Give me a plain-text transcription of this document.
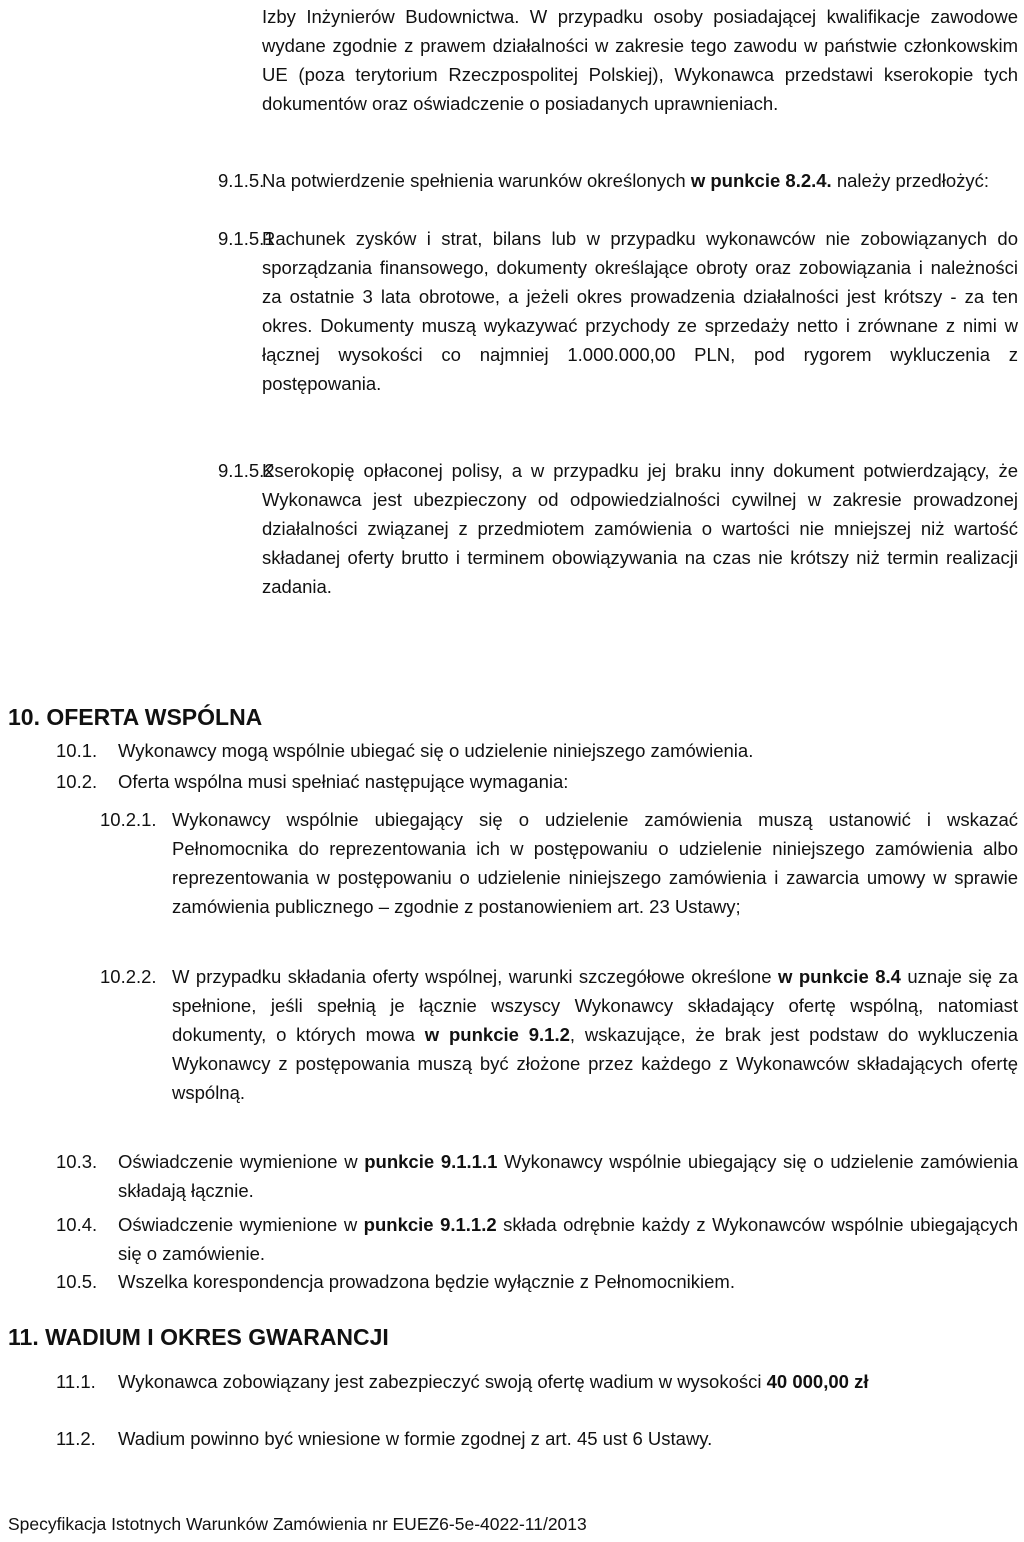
Izby Inżynierów Budownictwa. W przypadku osoby posiadającej kwalifikacje zawodowe wydane zgodnie z prawem działalności w zakresie tego zawodu w państwie członkowskim UE (poza terytorium Rzeczpospolitej Polskiej), Wykonawca przedstawi kserokopie tych dokumentów oraz oświadczenie o posiadanych uprawnieniach.
9.1.5.
Na potwierdzenie spełnienia warunków określonych w punkcie 8.2.4. należy przedłożyć:
9.1.5.1
Rachunek zysków i strat, bilans lub w przypadku wykonawców nie zobowiązanych do sporządzania finansowego, dokumenty określające obroty oraz zobowiązania i należności za ostatnie 3 lata obrotowe, a jeżeli okres prowadzenia działalności jest krótszy - za ten okres. Dokumenty muszą wykazywać przychody ze sprzedaży netto i zrównane z nimi w łącznej wysokości co najmniej 1.000.000,00 PLN, pod rygorem wykluczenia z postępowania.
9.1.5.2
Kserokopię opłaconej polisy, a w przypadku jej braku inny dokument potwierdzający, że Wykonawca jest ubezpieczony od odpowiedzialności cywilnej w zakresie prowadzonej działalności związanej z przedmiotem zamówienia o wartości nie mniejszej niż wartość składanej oferty brutto i terminem obowiązywania na czas nie krótszy niż termin realizacji zadania.
10. OFERTA WSPÓLNA
10.1. Wykonawcy mogą wspólnie ubiegać się o udzielenie niniejszego zamówienia.
10.2. Oferta wspólna musi spełniać następujące wymagania:
10.2.1. Wykonawcy wspólnie ubiegający się o udzielenie zamówienia muszą ustanowić i wskazać Pełnomocnika do reprezentowania ich w postępowaniu o udzielenie niniejszego zamówienia albo reprezentowania w postępowaniu o udzielenie niniejszego zamówienia i zawarcia umowy w sprawie zamówienia publicznego – zgodnie z postanowieniem art. 23 Ustawy;
10.2.2. W przypadku składania oferty wspólnej, warunki szczegółowe określone w punkcie 8.4 uznaje się za spełnione, jeśli spełnią je łącznie wszyscy Wykonawcy składający ofertę wspólną, natomiast dokumenty, o których mowa w punkcie 9.1.2, wskazujące, że brak jest podstaw do wykluczenia Wykonawcy z postępowania muszą być złożone przez każdego z Wykonawców składających ofertę wspólną.
10.3. Oświadczenie wymienione w punkcie 9.1.1.1 Wykonawcy wspólnie ubiegający się o udzielenie zamówienia składają łącznie.
10.4. Oświadczenie wymienione w punkcie 9.1.1.2 składa odrębnie każdy z Wykonawców wspólnie ubiegających się o zamówienie.
10.5. Wszelka korespondencja prowadzona będzie wyłącznie z Pełnomocnikiem.
11. WADIUM I OKRES GWARANCJI
11.1. Wykonawca zobowiązany jest zabezpieczyć swoją ofertę wadium w wysokości 40 000,00 zł
11.2. Wadium powinno być wniesione w formie zgodnej z art. 45 ust 6 Ustawy.
Specyfikacja Istotnych Warunków Zamówienia nr EUEZ6-5e-4022-11/2013
